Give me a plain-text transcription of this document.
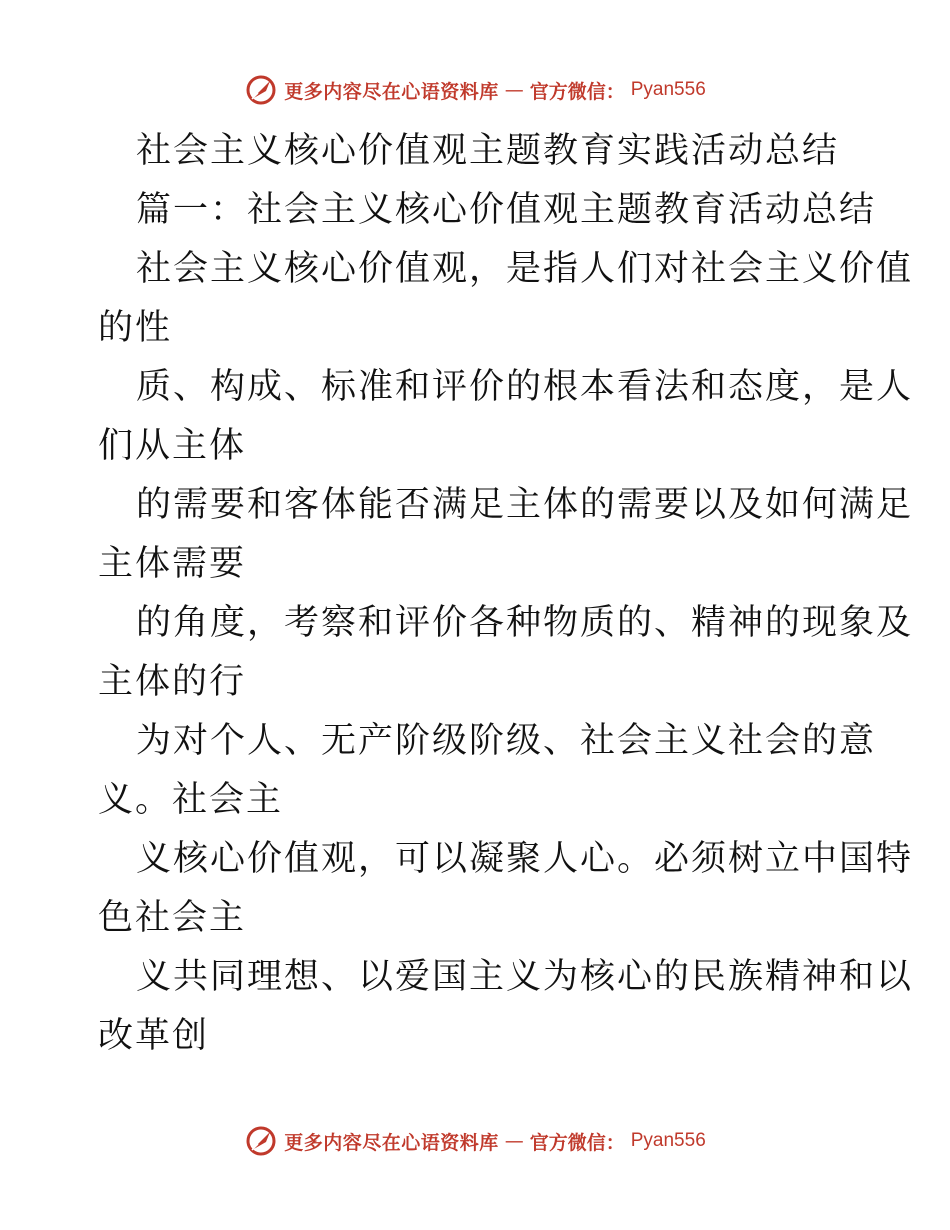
更多内容尽在心语资料库 — 官方微信： Pyan556
社会主义核心价值观主题教育实践活动总结
篇一：社会主义核心价值观主题教育活动总结
社会主义核心价值观，是指人们对社会主义价值
的性
质、构成、标准和评价的根本看法和态度，是人
们从主体
的需要和客体能否满足主体的需要以及如何满足
主体需要
的角度，考察和评价各种物质的、精神的现象及
主体的行
为对个人、无产阶级阶级、社会主义社会的意
义。社会主
义核心价值观，可以凝聚人心。必须树立中国特
色社会主
义共同理想、以爱国主义为核心的民族精神和以
改革创
更多内容尽在心语资料库 — 官方微信： Pyan556
